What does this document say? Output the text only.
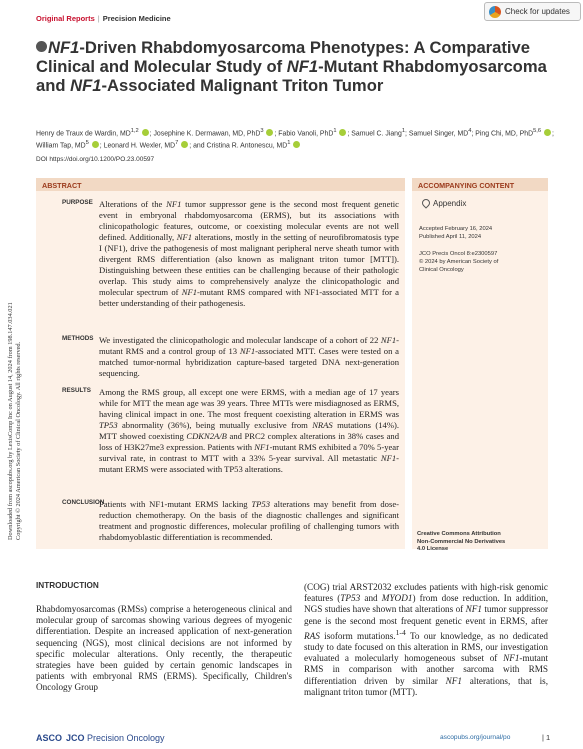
Downloaded from ascopubs.org by LexisComp Inc on August 14, 2024 from 198.147.034.021
Copyright © 2024 American Society of Clinical Oncology. All rights reserved.
Original Reports | Precision Medicine
Check for updates
NF1-Driven Rhabdomyosarcoma Phenotypes: A Comparative Clinical and Molecular Study of NF1-Mutant Rhabdomyosarcoma and NF1-Associated Malignant Triton Tumor
Henry de Traux de Wardin, MD$^{1,2}$ ; Josephine K. Dermawan, MD, PhD$^3$ ; Fabio Vanoli, PhD$^1$ ; Samuel C. Jiang$^1$; Samuel Singer, $MD^4$; Ping Chi, MD, PhD$^{5,6}$ ; William Tap, $MD^5$ ; Leonard H. Wexler, $MD^7$ ; and Cristina R. Antonescu, $MD^1$
DOI https://doi.org/10.1200/PO.23.00597
ABSTRACT	ACCOMPANYING CONTENT
PURPOSE Alterations of the NF1 tumor suppressor gene is the second most frequent genetic event in embryonal rhabdomyosarcoma (ERMS), but its associations with clinicopathologic features, outcome, or coexisting molecular events are not well defined. Additionally, NF1 alterations, mostly in the setting of neurofibromatosis type I (NF1), drive the pathogenesis of most malignant peripheral nerve sheath tumor with divergent RMS differentiation (also known as malignant triton tumor [MTT]). Distinguishing between these entities can be challenging because of their pathologic overlap. This study aims to comprehensively analyze the clinicopathologic and molecular spectrum of NF1-mutant RMS compared with NF1-associated MTT for a better understanding of their pathogenesis.
METHODS We investigated the clinicopathologic and molecular landscape of a cohort of 22 NF1-mutant RMS and a control group of 13 NF1-associated MTT. Cases were tested on a matched tumor-normal hybridization capture-based targeted DNA next-generation sequencing.
RESULTS Among the RMS group, all except one were ERMS, with a median age of 17 years while for MTT the mean age was 39 years. Three MTTs were misdiagnosed as ERMS, having clinical impact in one. The most frequent coexisting alteration in ERMS was TP53 abnormality (36%), being mutually exclusive from NRAS mutations (14%). MTT showed coexisting CDKN2A/B and PRC2 complex alterations in 38% cases and loss of H3K27me3 expression. Patients with NF1-mutant RMS exhibited a 70% 5-year survival rate, in contrast to MTT with a 33% 5-year survival. All metastatic NF1-mutant ERMS were associated with TP53 alterations.
CONCLUSION
Patients with NF1-mutant ERMS lacking TP53 alterations may benefit from dose-reduction chemotherapy. On the basis of the diagnostic challenges and significant treatment and prognostic differences, molecular profiling of challenging tumors with rhabdomyoblastic differentiation is recommended.
Appendix
Accepted February 16, 2024
Published April 11, 2024

JCO Precis Oncol 8:e2300597
© 2024 by American Society of
Clinical Oncology
Creative Commons Attribution
Non-Commercial No Derivatives
4.0 License
INTRODUCTION
Rhabdomyosarcomas (RMSs) comprise a heterogeneous clinical and molecular group of sarcomas showing various degrees of myogenic differentiation. Despite an increased application of next-generation sequencing (NGS), most clinical decisions are not informed by specific molecular alterations. Only recently, the therapeutic strategies have been guided by certain genomic landscapes in patients with embryonal RMS (ERMS). Specifically, Children's Oncology Group
(COG) trial ARST2032 excludes patients with high-risk genomic features (TP53 and MYOD1) from dose reduction. In addition, NGS studies have shown that alterations of NF1 tumor suppressor gene is the second most frequent genetic event in ERMS, after RAS isoform mutations.$^{1-4}$ To our knowledge, as no dedicated study to date focused on this alteration in RMS, our investigation evaluated a molecularly homogeneous subset of NF1-mutant RMS in comparison with another sarcoma with RMS differentiation driven by similar NF1 alterations, that is, malignant triton tumor (MTT).
ASCO JCO Precision Oncology	ascopubs.org/journal/po	| 1
